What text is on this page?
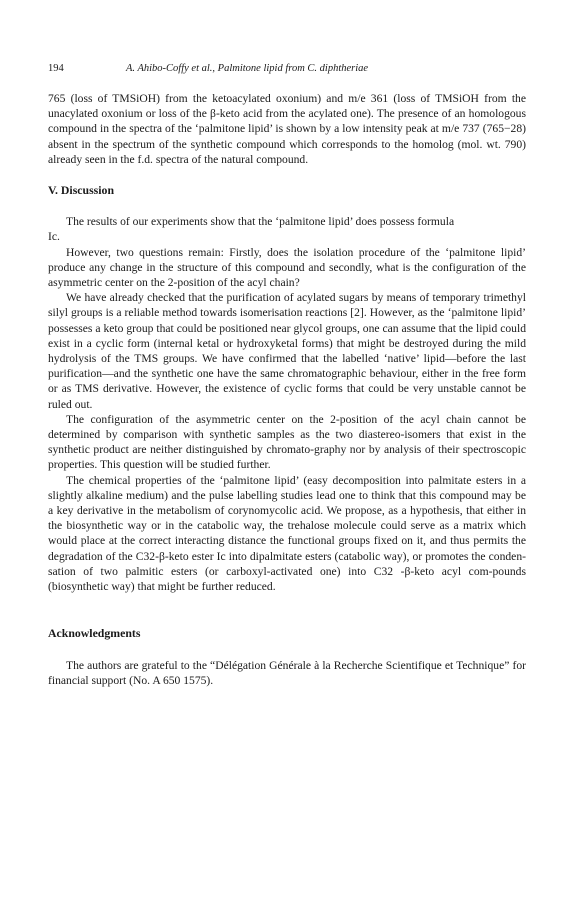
194	A. Ahibo-Coffy et al., Palmitone lipid from C. diphtheriae

765 (loss of TMSiOH) from the ketoacylated oxonium) and m/e 361 (loss of TMSiOH from the unacylated oxonium or loss of the β-keto acid from the acylated one). The presence of an homologous compound in the spectra of the ‘palmitone lipid’ is shown by a low intensity peak at m/e 737 (765−28) absent in the spectrum of the synthetic compound which corresponds to the homolog (mol. wt. 790) already seen in the f.d. spectra of the natural compound.

V. Discussion

The results of our experiments show that the ‘palmitone lipid’ does possess formula

Ic.

However, two questions remain: Firstly, does the isolation procedure of the ‘palmitone lipid’ produce any change in the structure of this compound and secondly, what is the configuration of the asymmetric center on the 2-position of the acyl chain?

We have already checked that the purification of acylated sugars by means of temporary trimethyl silyl groups is a reliable method towards isomerisation reactions [2]. However, as the ‘palmitone lipid’ possesses a keto group that could be positioned near glycol groups, one can assume that the lipid could exist in a cyclic form (internal ketal or hydroxyketal forms) that might be destroyed during the mild hydrolysis of the TMS groups. We have confirmed that the labelled ‘native’ lipid—before the last purification—and the synthetic one have the same chromatographic behaviour, either in the free form or as TMS derivative. However, the existence of cyclic forms that could be very unstable cannot be ruled out.

The configuration of the asymmetric center on the 2-position of the acyl chain cannot be determined by comparison with synthetic samples as the two diastereo-isomers that exist in the synthetic product are neither distinguished by chromato-graphy nor by analysis of their spectroscopic properties. This question will be studied further.

The chemical properties of the ‘palmitone lipid’ (easy decomposition into palmitate esters in a slightly alkaline medium) and the pulse labelling studies lead one to think that this compound may be a key derivative in the metabolism of corynomycolic acid. We propose, as a hypothesis, that either in the biosynthetic way or in the catabolic way, the trehalose molecule could serve as a matrix which would place at the correct interacting distance the functional groups fixed on it, and thus permits the degradation of the C32-β-keto ester Ic into dipalmitate esters (catabolic way), or promotes the conden-sation of two palmitic esters (or carboxyl-activated one) into C32 -β-keto acyl com-pounds (biosynthetic way) that might be further reduced.

Acknowledgments

The authors are grateful to the “Délégation Générale à la Recherche Scientifique et Technique” for financial support (No. A 650 1575).
